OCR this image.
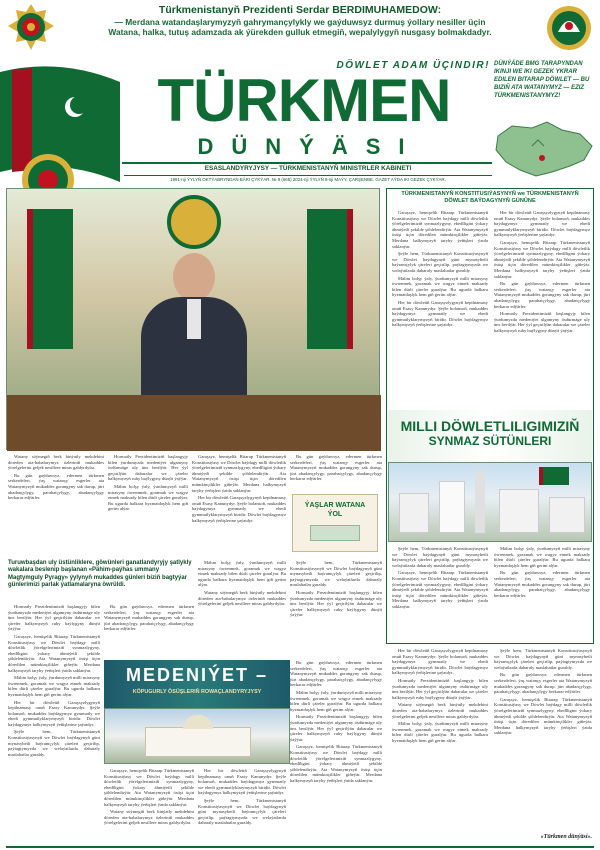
Türkmenistanyň Prezidenti Serdar BERDIMUHAMEDOW:
— Merdana watandaşlarymyzyň gahrymançylykly we gaýduwsyz durmuş ýollary nesiller üçin
Watana, halka, tutuş adamzada ak ýürekden gulluk etmegiň, wepalylygyň nusgasy bolmakdadyr.
DÖWLET ADAM ÜÇINDIR!
TÜRKMEN
DÜNÝÄSI
ESASLANDYRYJYSY — TÜRKMENISTANYŇ MINISTRLER KABINETI
1991-nji ÝYLYŇ OKTÝABRYNDAN BÄRI ÇYKÝAR. № 9 (665) 2024-nji ÝYLYŇ 8-nji MAÝY, ÇARŞENBE. GAZET AÝDA IKI GEZEK ÇYKÝAR.
DÜNÝÄDE BMG TARAPYNDAN IKINJI WE IKI GEZEK YKRAR EDILEN BITARAP DÖWLET — BU BIZIŇ ATA WATANYMYZ — EZIZ TÜRKMENISTANYMYZ!
TÜRKMENISTANYŇ KONSTITUSIÝASYNYŇ we TÜRKMENISTANYŇ DÖWLET BAÝDAGYNYŇ GÜNÜNE

Garaşsyz, hemişelik Bitarap Türkmenistanyň Konstitusiýasy we Döwlet baýdagy milli döwletlik ýörelgelerimiziň synmazlygyny, ebedîligini ýokary ähmiýetli şekilde şöhlelendirýär. Ata Watanymyzyň ösüşi üçin döredilen mümkinçilikler giňeýär. Merdana halkymyzyň taryhy ýeňişleri ýatda saklanýar.

Şeýle hem, Türkmenistanyň Konstitusiýasynyň we Döwlet baýdagynyň güni mynasybetli baýramçylyk çäreleri geçirilip, paýtagtymyzda we welaýatlarda dabaraly maslahatlar guraldy.

Mälim bolşy ýaly, ýurdumyzyň milli mirasyny öwrenmek, goramak we wagyz etmek maksady bilen dürli çäreler guralýar. Bu ugurda halkara hyzmatdaşlyk hem giň gerim alýar.

Her bir döwletiň Garaşsyzlygynyň kepilnamasy onuň Esasy Kanunydyr. Şeýle bolansoň, mukaddes baýdagymyz gymmatly we ebedi gymmatlyklarymyzyň biridir. Döwlet baýdagymyz halkymyzyň ýeňişlerine şaýatdyr.

Her bir döwletiň Garaşsyzlygynyň kepilnamasy onuň Esasy Kanunydyr. Şeýle bolansoň, mukaddes baýdagymyz gymmatly we ebedi gymmatlyklarymyzyň biridir. Döwlet baýdagymyz halkymyzyň ýeňişlerine şaýatdyr.

Garaşsyz, hemişelik Bitarap Türkmenistanyň Konstitusiýasy we Döwlet baýdagy milli döwletlik ýörelgelerimiziň synmazlygyny, ebedîligini ýokary ähmiýetli şekilde şöhlelendirýär. Ata Watanymyzyň ösüşi üçin döredilen mümkinçilikler giňeýär. Merdana halkymyzyň taryhy ýeňişleri ýatda saklanýar.

Bu gün gaýduwsyz, edermen türkmen serkerdeleri, ýaş watançy esgerler ata Watanymyzyň mukaddes gorangyny sak durup, jürt abadançylygy, parahatçylygy, abadançylygy berkarar edýärler.

Hormatly Prezidentimiziň başlangyjy bilen ýurdumyzda medeniýet ulgamyny ösdürmäge uly üns berilýär. Her ýyl geçirilýän dabaralar we çäreler halkymyzyň ruhy baýlygyny dünýä ýaýýar.

MILLI DÖWLETLILIGIMIZIŇ
SYNMAZ SÜTÜNLERI

Şeýle hem, Türkmenistanyň Konstitusiýasynyň we Döwlet baýdagynyň güni mynasybetli baýramçylyk çäreleri geçirilip, paýtagtymyzda we welaýatlarda dabaraly maslahatlar guraldy.

Garaşsyz, hemişelik Bitarap Türkmenistanyň Konstitusiýasy we Döwlet baýdagy milli döwletlik ýörelgelerimiziň synmazlygyny, ebedîligini ýokary ähmiýetli şekilde şöhlelendirýär. Ata Watanymyzyň ösüşi üçin döredilen mümkinçilikler giňeýär. Merdana halkymyzyň taryhy ýeňişleri ýatda saklanýar.

Mälim bolşy ýaly, ýurdumyzyň milli mirasyny öwrenmek, goramak we wagyz etmek maksady bilen dürli çäreler guralýar. Bu ugurda halkara hyzmatdaşlyk hem giň gerim alýar.

Bu gün gaýduwsyz, edermen türkmen serkerdeleri, ýaş watançy esgerler ata Watanymyzyň mukaddes gorangyny sak durup, jürt abadançylygy, parahatçylygy, abadançylygy berkarar edýärler.

Watany söýmegiň berk binýatly mekdebini döreden ata-babalarymyz özleriniň mukaddes ýörelgelerini geljek nesillere miras galdyrdylar.

Bu gün gaýduwsyz, edermen türkmen serkerdeleri, ýaş watançy esgerler ata Watanymyzyň mukaddes gorangyny sak durup, jürt abadançylygy, parahatçylygy, abadançylygy berkarar edýärler.

Hormatly Prezidentimiziň başlangyjy bilen ýurdumyzda medeniýet ulgamyny ösdürmäge uly üns berilýär. Her ýyl geçirilýän dabaralar we çäreler halkymyzyň ruhy baýlygyny dünýä ýaýýar.

Mälim bolşy ýaly, ýurdumyzyň milli mirasyny öwrenmek, goramak we wagyz etmek maksady bilen dürli çäreler guralýar. Bu ugurda halkara hyzmatdaşlyk hem giň gerim alýar.

Garaşsyz, hemişelik Bitarap Türkmenistanyň Konstitusiýasy we Döwlet baýdagy milli döwletlik ýörelgelerimiziň synmazlygyny, ebedîligini ýokary ähmiýetli şekilde şöhlelendirýär. Ata Watanymyzyň ösüşi üçin döredilen mümkinçilikler giňeýär. Merdana halkymyzyň taryhy ýeňişleri ýatda saklanýar.

Her bir döwletiň Garaşsyzlygynyň kepilnamasy onuň Esasy Kanunydyr. Şeýle bolansoň, mukaddes baýdagymyz gymmatly we ebedi gymmatlyklarymyzyň biridir. Döwlet baýdagymyz halkymyzyň ýeňişlerine şaýatdyr.

Bu gün gaýduwsyz, edermen türkmen serkerdeleri, ýaş watançy esgerler ata Watanymyzyň mukaddes gorangyny sak durup, jürt abadançylygy, parahatçylygy, abadançylygy berkarar edýärler.

ÝAŞLAR WATANA ÝOL
Turuwbaşdan uly üstünliklere, göwünleri ganatlandyryjy şatlykly wakalara beslenip başlanan «Pähim-paýhas ummany Magtymguly Pyragy» ýylynyň mukaddes günleri biziň bagtyýar günlerimizi parlak ýatlamalaryna öwrüldi.

Hormatly Prezidentimiziň başlangyjy bilen ýurdumyzda medeniýet ulgamyny ösdürmäge uly üns berilýär. Her ýyl geçirilýän dabaralar we çäreler halkymyzyň ruhy baýlygyny dünýä ýaýýar.

Garaşsyz, hemişelik Bitarap Türkmenistanyň Konstitusiýasy we Döwlet baýdagy milli döwletlik ýörelgelerimiziň synmazlygyny, ebedîligini ýokary ähmiýetli şekilde şöhlelendirýär. Ata Watanymyzyň ösüşi üçin döredilen mümkinçilikler giňeýär. Merdana halkymyzyň taryhy ýeňişleri ýatda saklanýar.

Mälim bolşy ýaly, ýurdumyzyň milli mirasyny öwrenmek, goramak we wagyz etmek maksady bilen dürli çäreler guralýar. Bu ugurda halkara hyzmatdaşlyk hem giň gerim alýar.

Her bir döwletiň Garaşsyzlygynyň kepilnamasy onuň Esasy Kanunydyr. Şeýle bolansoň, mukaddes baýdagymyz gymmatly we ebedi gymmatlyklarymyzyň biridir. Döwlet baýdagymyz halkymyzyň ýeňişlerine şaýatdyr.

Şeýle hem, Türkmenistanyň Konstitusiýasynyň we Döwlet baýdagynyň güni mynasybetli baýramçylyk çäreleri geçirilip, paýtagtymyzda we welaýatlarda dabaraly maslahatlar guraldy.

Bu gün gaýduwsyz, edermen türkmen serkerdeleri, ýaş watançy esgerler ata Watanymyzyň mukaddes gorangyny sak durup, jürt abadançylygy, parahatçylygy, abadançylygy berkarar edýärler.

Mälim bolşy ýaly, ýurdumyzyň milli mirasyny öwrenmek, goramak we wagyz etmek maksady bilen dürli çäreler guralýar. Bu ugurda halkara hyzmatdaşlyk hem giň gerim alýar.

Watany söýmegiň berk binýatly mekdebini döreden ata-babalarymyz özleriniň mukaddes ýörelgelerini geljek nesillere miras galdyrdylar.

Şeýle hem, Türkmenistanyň Konstitusiýasynyň we Döwlet baýdagynyň güni mynasybetli baýramçylyk çäreleri geçirilip, paýtagtymyzda we welaýatlarda dabaraly maslahatlar guraldy.

Hormatly Prezidentimiziň başlangyjy bilen ýurdumyzda medeniýet ulgamyny ösdürmäge uly üns berilýär. Her ýyl geçirilýän dabaralar we çäreler halkymyzyň ruhy baýlygyny dünýä ýaýýar.

MEDENIÝET –
KÖPUGURLY ÖSÜŞLERIŇ ROWAÇLANDYRYJYSY

Garaşsyz, hemişelik Bitarap Türkmenistanyň Konstitusiýasy we Döwlet baýdagy milli döwletlik ýörelgelerimiziň synmazlygyny, ebedîligini ýokary ähmiýetli şekilde şöhlelendirýär. Ata Watanymyzyň ösüşi üçin döredilen mümkinçilikler giňeýär. Merdana halkymyzyň taryhy ýeňişleri ýatda saklanýar.

Watany söýmegiň berk binýatly mekdebini döreden ata-babalarymyz özleriniň mukaddes ýörelgelerini geljek nesillere miras galdyrdylar.

Her bir döwletiň Garaşsyzlygynyň kepilnamasy onuň Esasy Kanunydyr. Şeýle bolansoň, mukaddes baýdagymyz gymmatly we ebedi gymmatlyklarymyzyň biridir. Döwlet baýdagymyz halkymyzyň ýeňişlerine şaýatdyr.

Şeýle hem, Türkmenistanyň Konstitusiýasynyň we Döwlet baýdagynyň güni mynasybetli baýramçylyk çäreleri geçirilip, paýtagtymyzda we welaýatlarda dabaraly maslahatlar guraldy.

Bu gün gaýduwsyz, edermen türkmen serkerdeleri, ýaş watançy esgerler ata Watanymyzyň mukaddes gorangyny sak durup, jürt abadançylygy, parahatçylygy, abadançylygy berkarar edýärler.

Mälim bolşy ýaly, ýurdumyzyň milli mirasyny öwrenmek, goramak we wagyz etmek maksady bilen dürli çäreler guralýar. Bu ugurda halkara hyzmatdaşlyk hem giň gerim alýar.

Hormatly Prezidentimiziň başlangyjy bilen ýurdumyzda medeniýet ulgamyny ösdürmäge uly üns berilýär. Her ýyl geçirilýän dabaralar we çäreler halkymyzyň ruhy baýlygyny dünýä ýaýýar.

Garaşsyz, hemişelik Bitarap Türkmenistanyň Konstitusiýasy we Döwlet baýdagy milli döwletlik ýörelgelerimiziň synmazlygyny, ebedîligini ýokary ähmiýetli şekilde şöhlelendirýär. Ata Watanymyzyň ösüşi üçin döredilen mümkinçilikler giňeýär. Merdana halkymyzyň taryhy ýeňişleri ýatda saklanýar.

Her bir döwletiň Garaşsyzlygynyň kepilnamasy onuň Esasy Kanunydyr. Şeýle bolansoň, mukaddes baýdagymyz gymmatly we ebedi gymmatlyklarymyzyň biridir. Döwlet baýdagymyz halkymyzyň ýeňişlerine şaýatdyr.

Hormatly Prezidentimiziň başlangyjy bilen ýurdumyzda medeniýet ulgamyny ösdürmäge uly üns berilýär. Her ýyl geçirilýän dabaralar we çäreler halkymyzyň ruhy baýlygyny dünýä ýaýýar.

Watany söýmegiň berk binýatly mekdebini döreden ata-babalarymyz özleriniň mukaddes ýörelgelerini geljek nesillere miras galdyrdylar.

Mälim bolşy ýaly, ýurdumyzyň milli mirasyny öwrenmek, goramak we wagyz etmek maksady bilen dürli çäreler guralýar. Bu ugurda halkara hyzmatdaşlyk hem giň gerim alýar.

Şeýle hem, Türkmenistanyň Konstitusiýasynyň we Döwlet baýdagynyň güni mynasybetli baýramçylyk çäreleri geçirilip, paýtagtymyzda we welaýatlarda dabaraly maslahatlar guraldy.

Bu gün gaýduwsyz, edermen türkmen serkerdeleri, ýaş watançy esgerler ata Watanymyzyň mukaddes gorangyny sak durup, jürt abadançylygy, parahatçylygy, abadançylygy berkarar edýärler.

Garaşsyz, hemişelik Bitarap Türkmenistanyň Konstitusiýasy we Döwlet baýdagy milli döwletlik ýörelgelerimiziň synmazlygyny, ebedîligini ýokary ähmiýetli şekilde şöhlelendirýär. Ata Watanymyzyň ösüşi üçin döredilen mümkinçilikler giňeýär. Merdana halkymyzyň taryhy ýeňişleri ýatda saklanýar.

«Türkmen dünýäsi».
